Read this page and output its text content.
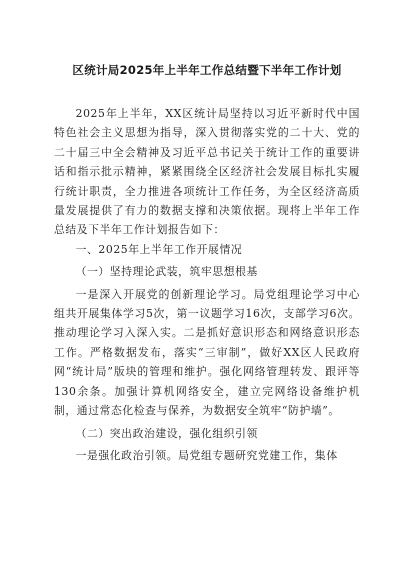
区统计局2025年上半年工作总结暨下半年工作计划

2025年上半年，XX区统计局坚持以习近平新时代中国特色社会主义思想为指导，深入贯彻落实党的二十大、党的二十届三中全会精神及习近平总书记关于统计工作的重要讲话和指示批示精神，紧紧围绕全区经济社会发展目标扎实履行统计职责，全力推进各项统计工作任务，为全区经济高质量发展提供了有力的数据支撑和决策依据。现将上半年工作总结及下半年工作计划报告如下：

一、2025年上半年工作开展情况

（一）坚持理论武装，筑牢思想根基

一是深入开展党的创新理论学习。局党组理论学习中心组共开展集体学习5次，第一议题学习16次，支部学习6次。推动理论学习入深入实。二是抓好意识形态和网络意识形态工作。严格数据发布，落实“三审制”，做好XX区人民政府网“统计局”版块的管理和维护。强化网络管理转发、跟评等130余条。加强计算机网络安全，建立完网络设备维护机制，通过常态化检查与保养，为数据安全筑牢“防护墙”。

（二）突出政治建设，强化组织引领

一是强化政治引领。局党组专题研究党建工作，集体
